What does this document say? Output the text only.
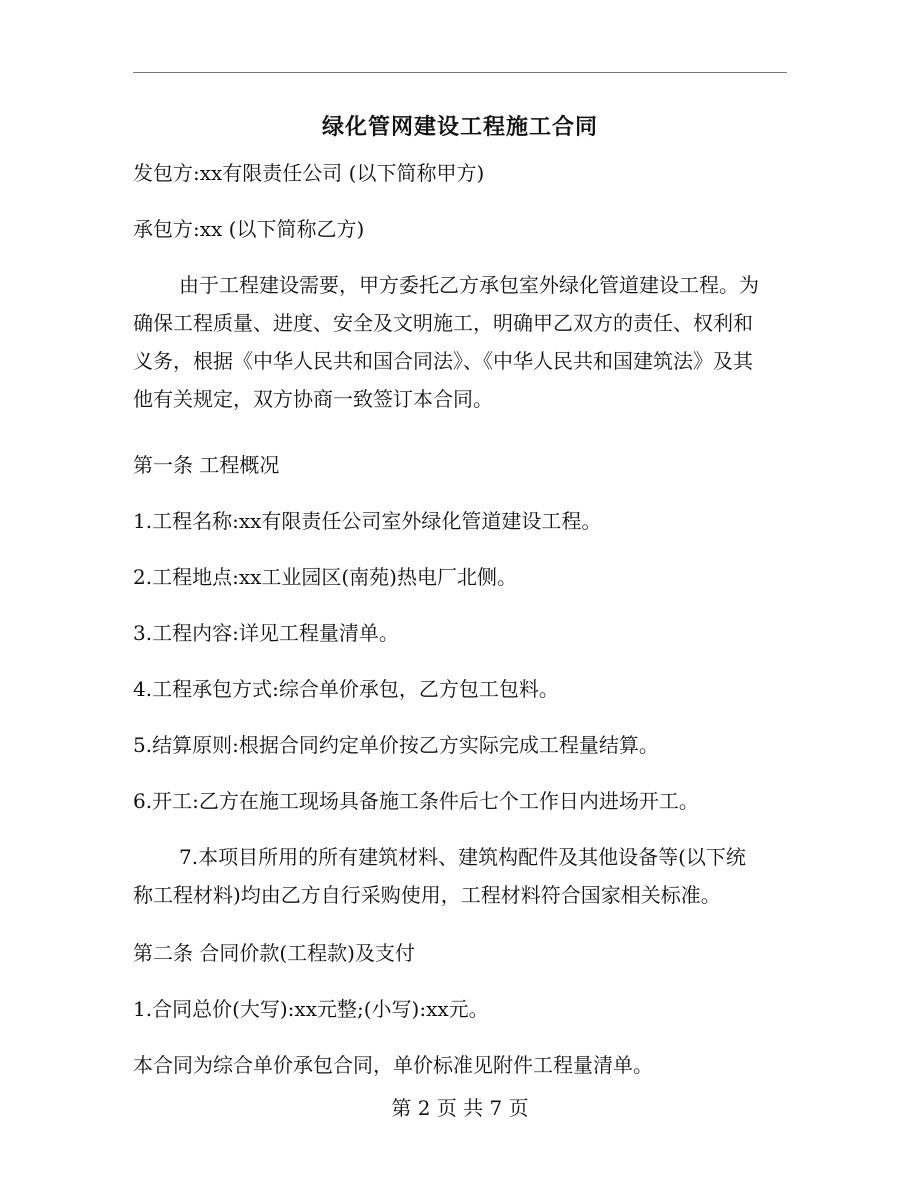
绿化管网建设工程施工合同
发包方:xx有限责任公司 (以下简称甲方)
承包方:xx (以下简称乙方)
由于工程建设需要，甲方委托乙方承包室外绿化管道建设工程。为
确保工程质量、进度、安全及文明施工，明确甲乙双方的责任、权利和
义务，根据《中华人民共和国合同法》、《中华人民共和国建筑法》及其
他有关规定，双方协商一致签订本合同。
第一条 工程概况
1.工程名称:xx有限责任公司室外绿化管道建设工程。
2.工程地点:xx工业园区(南苑)热电厂北侧。
3.工程内容:详见工程量清单。
4.工程承包方式:综合单价承包，乙方包工包料。
5.结算原则:根据合同约定单价按乙方实际完成工程量结算。
6.开工:乙方在施工现场具备施工条件后七个工作日内进场开工。
7.本项目所用的所有建筑材料、建筑构配件及其他设备等(以下统
称工程材料)均由乙方自行采购使用，工程材料符合国家相关标准。
第二条 合同价款(工程款)及支付
1.合同总价(大写):xx元整;(小写):xx元。
本合同为综合单价承包合同，单价标准见附件工程量清单。
第 2 页 共 7 页
